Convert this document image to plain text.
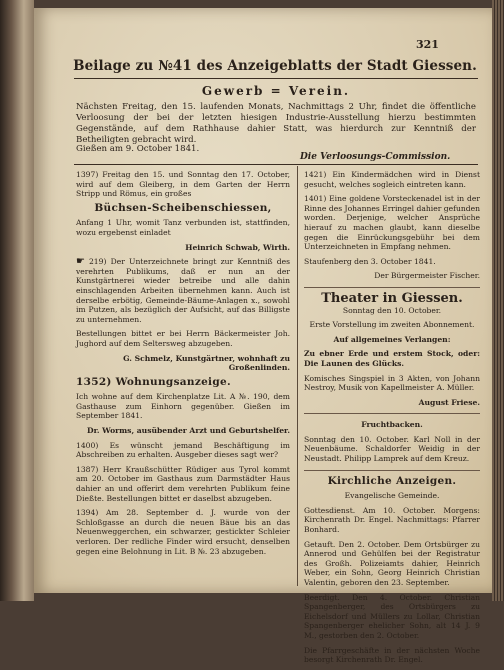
321
Beilage zu №41 des Anzeigeblatts der Stadt Giessen.
Gewerb = Verein.
Nächsten Freitag, den 15. laufenden Monats, Nachmittags 2 Uhr, findet die öffentliche Verloosung der bei der letzten hiesigen Industrie-Ausstellung hierzu bestimmten Gegenstände, auf dem Rathhause dahier Statt, was hierdurch zur Kenntniß der Betheiligten gebracht wird.
Gießen am 9. October 1841.
Die Verloosungs-Commission.

1397) Freitag den 15. und Sonntag den 17. October, wird auf dem Gleiberg, in dem Garten der Herrn Stripp und Römus, ein großes

Büchsen-Scheibenschiessen,

Anfang 1 Uhr, womit Tanz verbunden ist, stattfinden, wozu ergebenst einladet

Heinrich Schwab, Wirth.

☛ 219) Der Unterzeichnete bringt zur Kenntniß des verehrten Publikums, daß er nun an der Kunstgärtnerei wieder betreibe und alle dahin einschlagenden Arbeiten übernehmen kann. Auch ist derselbe erbötig, Gemeinde-Bäume-Anlagen x., sowohl im Putzen, als bezüglich der Aufsicht, auf das Billigste zu unternehmen.

Bestellungen bittet er bei Herrn Bäckermeister Joh. Jughord auf dem Seltersweg abzugeben.

G. Schmelz, Kunstgärtner, wohnhaft zu Großenlinden.

1352) Wohnungsanzeige.

Ich wohne auf dem Kirchenplatze Lit. A №. 190, dem Gasthause zum Einhorn gegenüber. Gießen im September 1841.

Dr. Worms, ausübender Arzt und Geburtshelfer.

1400) Es wünscht jemand Beschäftigung im Abschreiben zu erhalten. Ausgeber dieses sagt wer?

1387) Herr Kraußschütter Rüdiger aus Tyrol kommt am 20. October im Gasthaus zum Darmstädter Haus dahier an und offerirt dem verehrten Publikum feine Dießte. Bestellungen bittet er daselbst abzugeben.

1394) Am 28. September d. J. wurde von der Schloßgasse an durch die neuen Bäue bis an das Neuenweggerchen, ein schwarzer, gestickter Schleier verloren. Der redliche Finder wird ersucht, denselben gegen eine Belohnung in Lit. B №. 23 abzugeben.

1421) Ein Kindermädchen wird in Dienst gesucht, welches sogleich eintreten kann.

1401) Eine goldene Vorsteckenadel ist in der Rinne des Johannes Erringel dahier gefunden worden. Derjenige, welcher Ansprüche hierauf zu machen glaubt, kann dieselbe gegen die Einrückungsgebühr bei dem Unterzeichneten in Empfang nehmen.

Staufenberg den 3. October 1841.

Der Bürgermeister Fischer.

Theater in Giessen.

Sonntag den 10. October.

Erste Vorstellung im zweiten Abonnement.

Auf allgemeines Verlangen:

Zu ebner Erde und erstem Stock, oder: Die Launen des Glücks.

Komisches Singspiel in 3 Akten, von Johann Nestroy, Musik von Kapellmeister A. Müller.

August Friese.

Fruchtbacken.

Sonntag den 10. October. Karl Noll in der Neuenbäume. Schaldorfer Weidig in der Neustadt. Philipp Lamprek auf dem Kreuz.

Kirchliche Anzeigen.

Evangelische Gemeinde.

Gottesdienst. Am 10. October. Morgens: Kirchenrath Dr. Engel. Nachmittags: Pfarrer Bonhard.

Getauft. Den 2. October. Dem Ortsbürger zu Annerod und Gehülfen bei der Registratur des Großh. Polizeiamts dahier, Heinrich Weber, ein Sohn, Georg Heinrich Christian Valentin, geboren den 23. September.

Beerdigt. Den 4. October. Christian Spangenberger, des Ortsbürgers zu Eichelsdorf und Müllers zu Lollar, Christian Spangenberger ehelicher Sohn, alt 14 J. 9 M., gestorben den 2. October.

Die Pfarrgeschäfte in der nächsten Woche besorgt Kirchenrath Dr. Engel.
